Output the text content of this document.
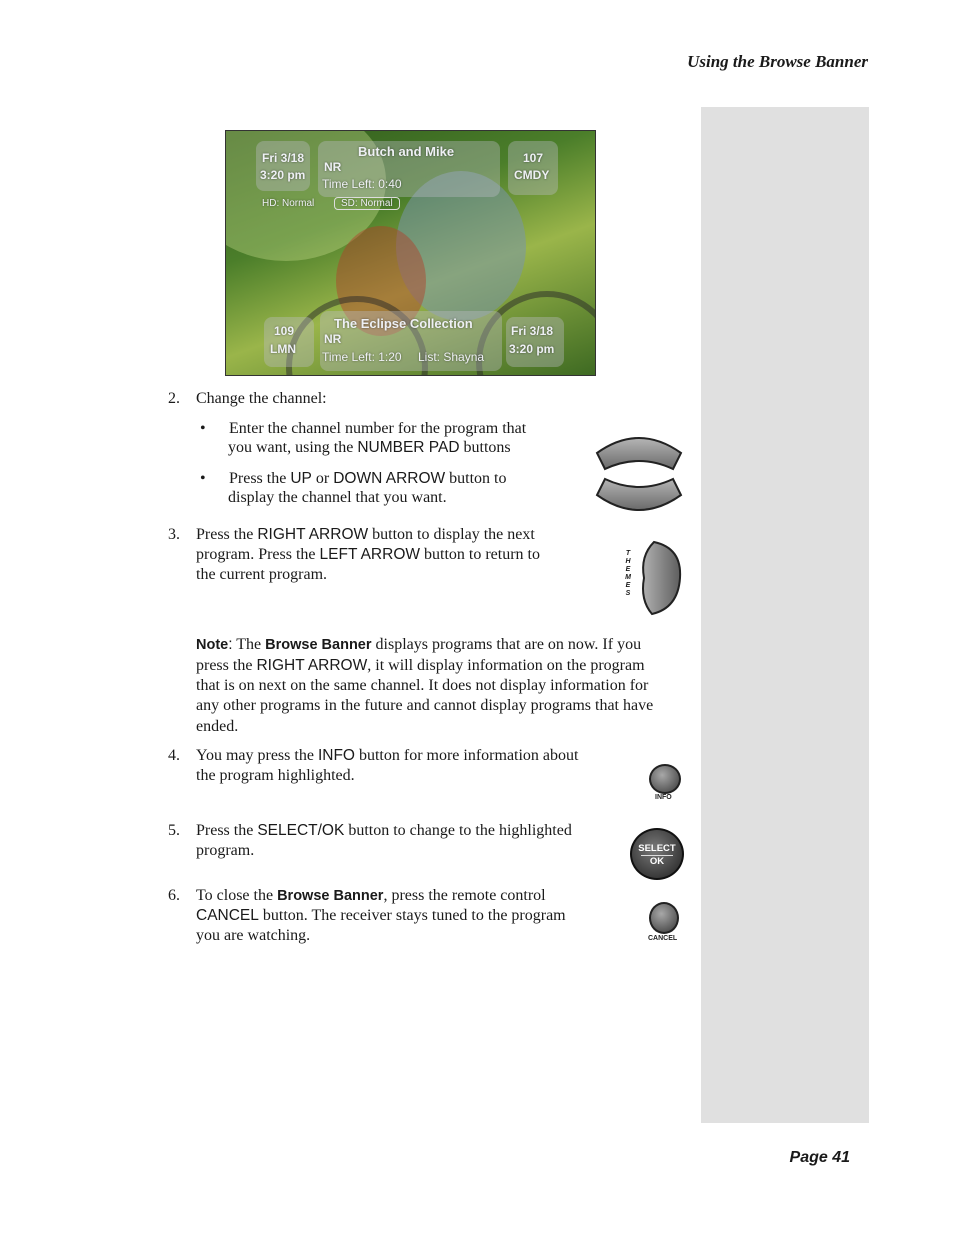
Using the Browse Banner
Fri 3/18
3:20 pm
HD: Normal
Butch and Mike
NR
Time Left: 0:40
SD: Normal
107
CMDY
109
LMN
The Eclipse Collection
NR
Time Left: 1:20 List: Shayna
Fri 3/18
3:20 pm
2. Change the channel:

• Enter the channel number for the program that

you want, using the NUMBER PAD buttons

• Press the UP or DOWN ARROW button to

display the channel that you want.

3. Press the RIGHT ARROW button to display the next

program. Press the LEFT ARROW button to return to

the current program.

T
H
E
M
E
S

Note: The Browse Banner displays programs that are on now. If you

press the RIGHT ARROW, it will display information on the program

that is on next on the same channel. It does not display information for

any other programs in the future and cannot display programs that have

ended.

4. You may press the INFO button for more information about

the program highlighted.

INFO
5. Press the SELECT/OK button to change to the highlighted

program.	SELECT
OK
6. To close the Browse Banner, press the remote control

CANCEL button. The receiver stays tuned to the program

you are watching.	CANCEL
Page 41
